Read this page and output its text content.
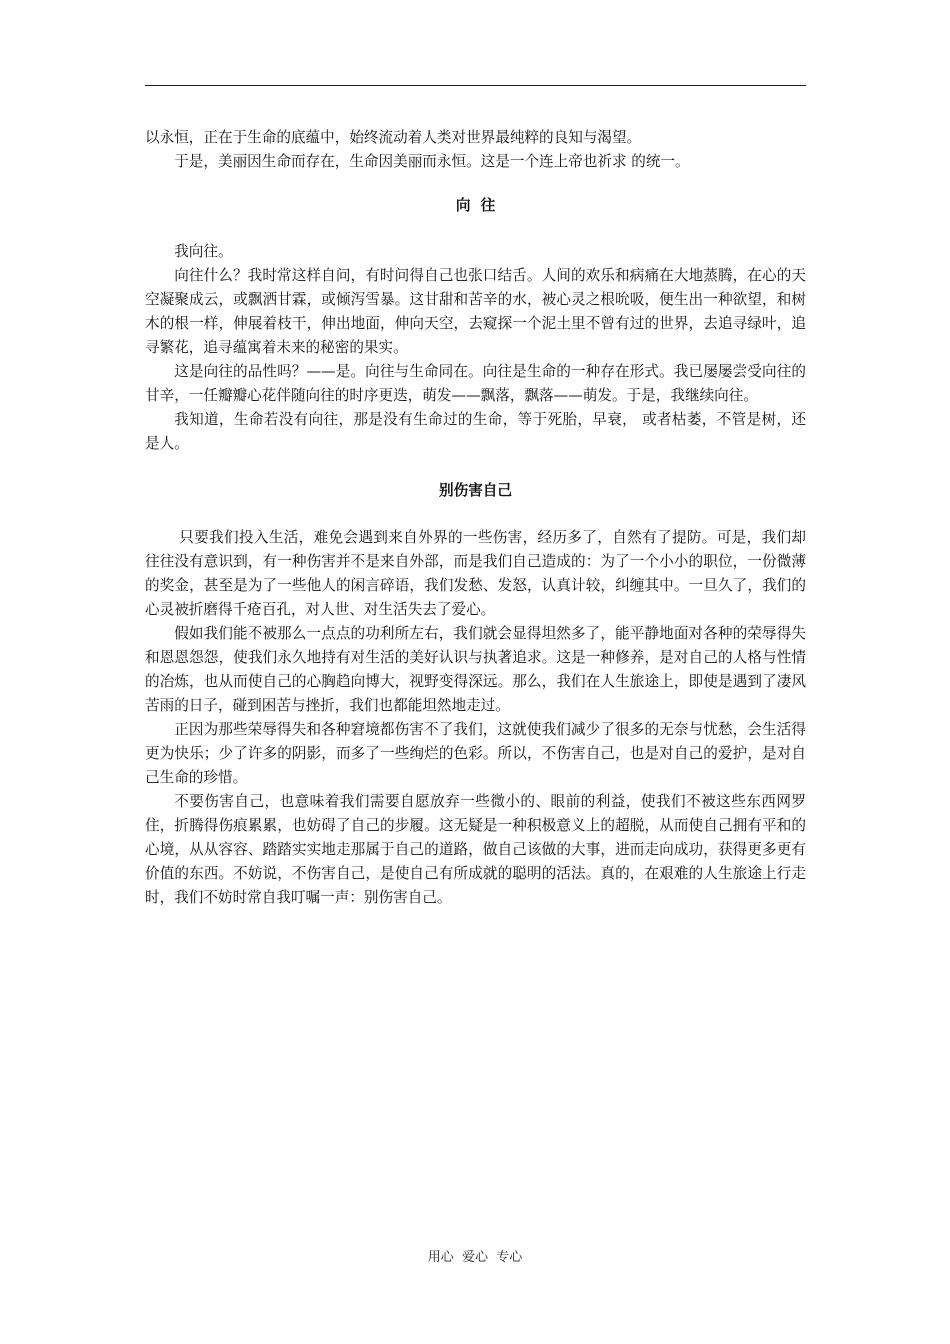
以永恒，正在于生命的底蕴中，始终流动着人类对世界最纯粹的良知与渴望。

于是，美丽因生命而存在，生命因美丽而永恒。这是一个连上帝也祈求 的统一。

向  往

我向往。

向往什么？我时常这样自问，有时问得自己也张口结舌。人间的欢乐和病痛在大地蒸腾，在心的天空凝聚成云，或飘洒甘霖，或倾泻雪暴。这甘甜和苦辛的水，被心灵之根吮吸，便生出一种欲望，和树木的根一样，伸展着枝干，伸出地面，伸向天空，去窥探一个泥土里不曾有过的世界，去追寻绿叶，追寻繁花，追寻蕴寓着未来的秘密的果实。

这是向往的品性吗？——是。向往与生命同在。向往是生命的一种存在形式。我已屡屡尝受向往的甘辛，一任瓣瓣心花伴随向往的时序更迭，萌发——飘落，飘落——萌发。于是，我继续向往。

我知道，生命若没有向往，那是没有生命过的生命，等于死胎，早衰， 或者枯萎，不管是树，还是人。

别伤害自己

只要我们投入生活，难免会遇到来自外界的一些伤害，经历多了，自然有了提防。可是，我们却往往没有意识到，有一种伤害并不是来自外部，而是我们自己造成的：为了一个小小的职位，一份微薄的奖金，甚至是为了一些他人的闲言碎语，我们发愁、发怒，认真计较，纠缠其中。一旦久了，我们的心灵被折磨得千疮百孔，对人世、对生活失去了爱心。

假如我们能不被那么一点点的功利所左右，我们就会显得坦然多了，能平静地面对各种的荣辱得失和恩恩怨怨，使我们永久地持有对生活的美好认识与执著追求。这是一种修养，是对自己的人格与性情的冶炼，也从而使自己的心胸趋向博大，视野变得深远。那么，我们在人生旅途上，即使是遇到了凄风苦雨的日子，碰到困苦与挫折，我们也都能坦然地走过。

正因为那些荣辱得失和各种窘境都伤害不了我们，这就使我们减少了很多的无奈与忧愁，会生活得更为快乐；少了许多的阴影，而多了一些绚烂的色彩。所以，不伤害自己，也是对自己的爱护，是对自己生命的珍惜。

不要伤害自己，也意味着我们需要自愿放弃一些微小的、眼前的利益，使我们不被这些东西网罗住，折腾得伤痕累累，也妨碍了自己的步履。这无疑是一种积极意义上的超脱，从而使自己拥有平和的心境，从从容容、踏踏实实地走那属于自己的道路，做自己该做的大事，进而走向成功，获得更多更有价值的东西。不妨说，不伤害自己，是使自己有所成就的聪明的活法。真的，在艰难的人生旅途上行走时，我们不妨时常自我叮嘱一声：别伤害自己。

用心  爱心  专心
